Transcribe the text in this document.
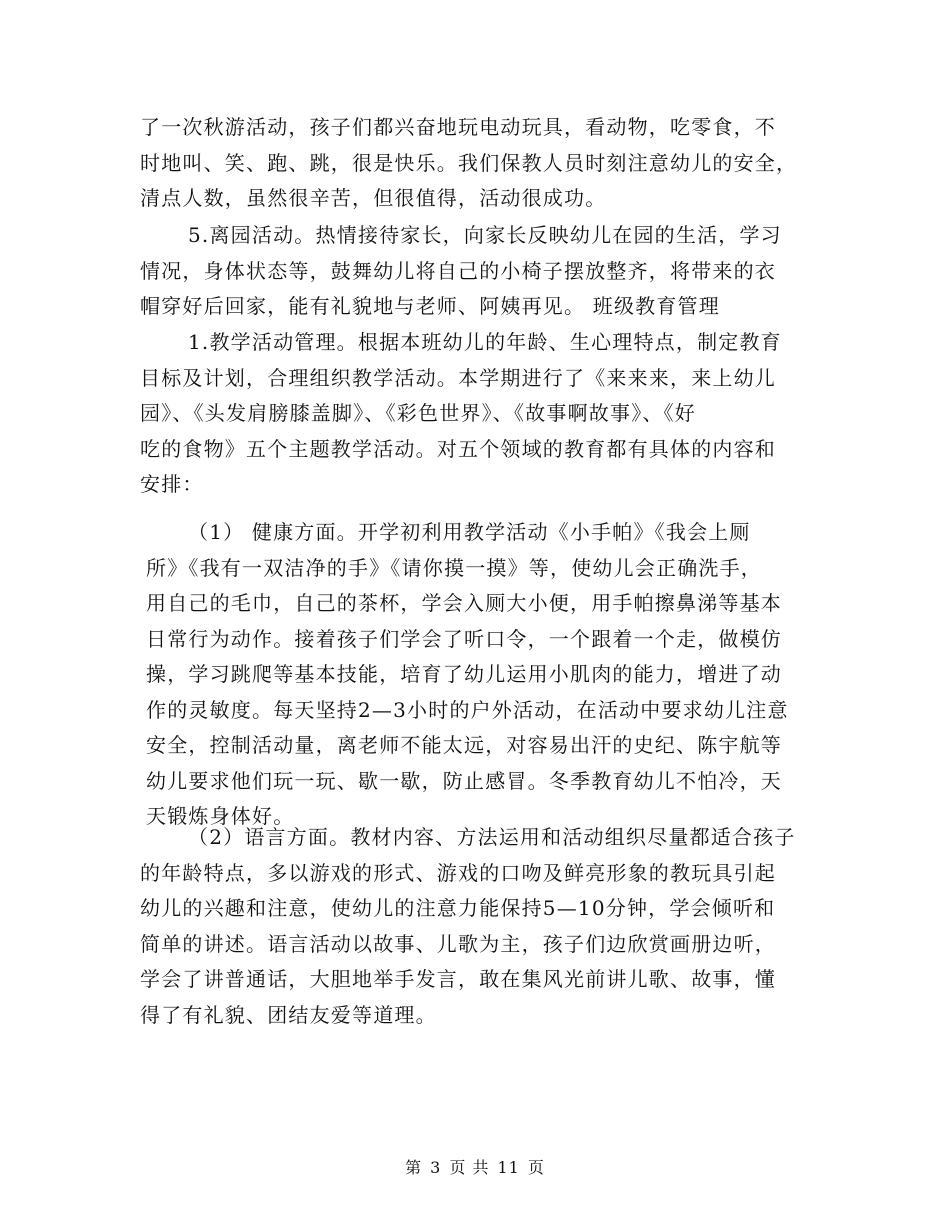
了一次秋游活动，孩子们都兴奋地玩电动玩具，看动物，吃零食，不
时地叫、笑、跑、跳，很是快乐。我们保教人员时刻注意幼儿的安全，
清点人数，虽然很辛苦，但很值得，活动很成功。
5.离园活动。热情接待家长，向家长反映幼儿在园的生活，学习
情况，身体状态等，鼓舞幼儿将自己的小椅子摆放整齐，将带来的衣
帽穿好后回家，能有礼貌地与老师、阿姨再见。 班级教育管理
1.教学活动管理。根据本班幼儿的年龄、生心理特点，制定教育
目标及计划，合理组织教学活动。本学期进行了《来来来，来上幼儿
园》、《头发肩膀膝盖脚》、《彩色世界》、《故事啊故事》、《好
吃的食物》五个主题教学活动。对五个领域的教育都有具体的内容和
安排：
（1） 健康方面。开学初利用教学活动《小手帕》《我会上厕
所》《我有一双洁净的手》《请你摸一摸》等，使幼儿会正确洗手，
用自己的毛巾，自己的茶杯，学会入厕大小便，用手帕擦鼻涕等基本
日常行为动作。接着孩子们学会了听口令，一个跟着一个走，做模仿
操，学习跳爬等基本技能，培育了幼儿运用小肌肉的能力，增进了动
作的灵敏度。每天坚持2—3小时的户外活动，在活动中要求幼儿注意
安全，控制活动量，离老师不能太远，对容易出汗的史纪、陈宇航等
幼儿要求他们玩一玩、歇一歇，防止感冒。冬季教育幼儿不怕冷，天
天锻炼身体好。
（2）语言方面。教材内容、方法运用和活动组织尽量都适合孩子
的年龄特点，多以游戏的形式、游戏的口吻及鲜亮形象的教玩具引起
幼儿的兴趣和注意，使幼儿的注意力能保持5—10分钟，学会倾听和
简单的讲述。语言活动以故事、儿歌为主，孩子们边欣赏画册边听，
学会了讲普通话，大胆地举手发言，敢在集风光前讲儿歌、故事，懂
得了有礼貌、团结友爱等道理。
第 3 页 共 11 页
